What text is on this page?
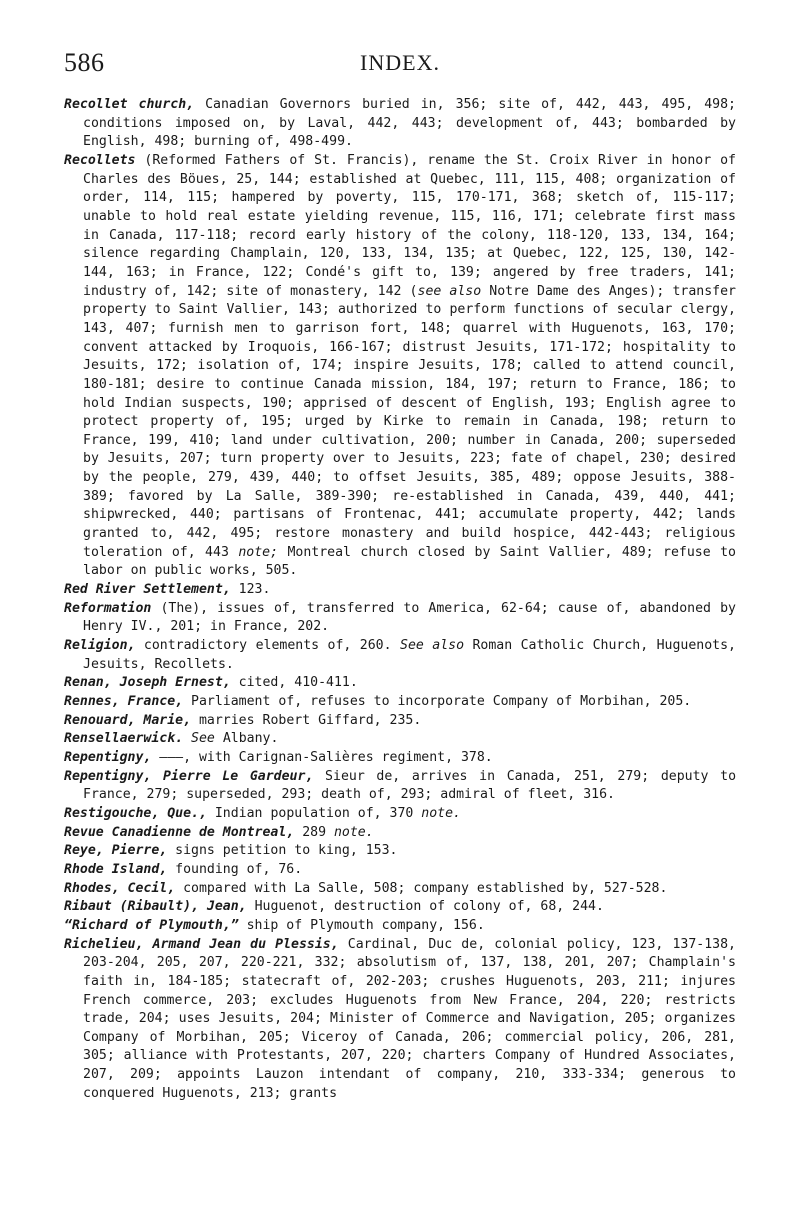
586	INDEX.

Recollet church, Canadian Governors buried in, 356; site of, 442, 443, 495, 498; conditions imposed on, by Laval, 442, 443; development of, 443; bombarded by English, 498; burning of, 498-499.

Recollets (Reformed Fathers of St. Francis), rename the St. Croix River in honor of Charles des Böues, 25, 144; established at Quebec, 111, 115, 408; organization of order, 114, 115; hampered by poverty, 115, 170-171, 368; sketch of, 115-117; unable to hold real estate yielding revenue, 115, 116, 171; celebrate first mass in Canada, 117-118; record early history of the colony, 118-120, 133, 134, 164; silence regarding Champlain, 120, 133, 134, 135; at Quebec, 122, 125, 130, 142-144, 163; in France, 122; Condé's gift to, 139; angered by free traders, 141; industry of, 142; site of monastery, 142 (see also Notre Dame des Anges); transfer property to Saint Vallier, 143; authorized to perform functions of secular clergy, 143, 407; furnish men to garrison fort, 148; quarrel with Huguenots, 163, 170; convent attacked by Iroquois, 166-167; distrust Jesuits, 171-172; hospitality to Jesuits, 172; isolation of, 174; inspire Jesuits, 178; called to attend council, 180-181; desire to continue Canada mission, 184, 197; return to France, 186; to hold Indian suspects, 190; apprised of descent of English, 193; English agree to protect property of, 195; urged by Kirke to remain in Canada, 198; return to France, 199, 410; land under cultivation, 200; number in Canada, 200; superseded by Jesuits, 207; turn property over to Jesuits, 223; fate of chapel, 230; desired by the people, 279, 439, 440; to offset Jesuits, 385, 489; oppose Jesuits, 388-389; favored by La Salle, 389-390; re-established in Canada, 439, 440, 441; shipwrecked, 440; partisans of Frontenac, 441; accumulate property, 442; lands granted to, 442, 495; restore monastery and build hospice, 442-443; religious toleration of, 443 note; Montreal church closed by Saint Vallier, 489; refuse to labor on public works, 505.

Red River Settlement, 123.

Reformation (The), issues of, transferred to America, 62-64; cause of, abandoned by Henry IV., 201; in France, 202.

Religion, contradictory elements of, 260. See also Roman Catholic Church, Huguenots, Jesuits, Recollets.

Renan, Joseph Ernest, cited, 410-411.

Rennes, France, Parliament of, refuses to incorporate Company of Morbihan, 205.

Renouard, Marie, marries Robert Giffard, 235.

Rensellaerwick. See Albany.

Repentigny, ———, with Carignan-Salières regiment, 378.

Repentigny, Pierre Le Gardeur, Sieur de, arrives in Canada, 251, 279; deputy to France, 279; superseded, 293; death of, 293; admiral of fleet, 316.

Restigouche, Que., Indian population of, 370 note.

Revue Canadienne de Montreal, 289 note.

Reye, Pierre, signs petition to king, 153.

Rhode Island, founding of, 76.

Rhodes, Cecil, compared with La Salle, 508; company established by, 527-528.

Ribaut (Ribault), Jean, Huguenot, destruction of colony of, 68, 244.

“Richard of Plymouth,” ship of Plymouth company, 156.

Richelieu, Armand Jean du Plessis, Cardinal, Duc de, colonial policy, 123, 137-138, 203-204, 205, 207, 220-221, 332; absolutism of, 137, 138, 201, 207; Champlain's faith in, 184-185; statecraft of, 202-203; crushes Huguenots, 203, 211; injures French commerce, 203; excludes Huguenots from New France, 204, 220; restricts trade, 204; uses Jesuits, 204; Minister of Commerce and Navigation, 205; organizes Company of Morbihan, 205; Viceroy of Canada, 206; commercial policy, 206, 281, 305; alliance with Protestants, 207, 220; charters Company of Hundred Associates, 207, 209; appoints Lauzon intendant of company, 210, 333-334; generous to conquered Huguenots, 213; grants
